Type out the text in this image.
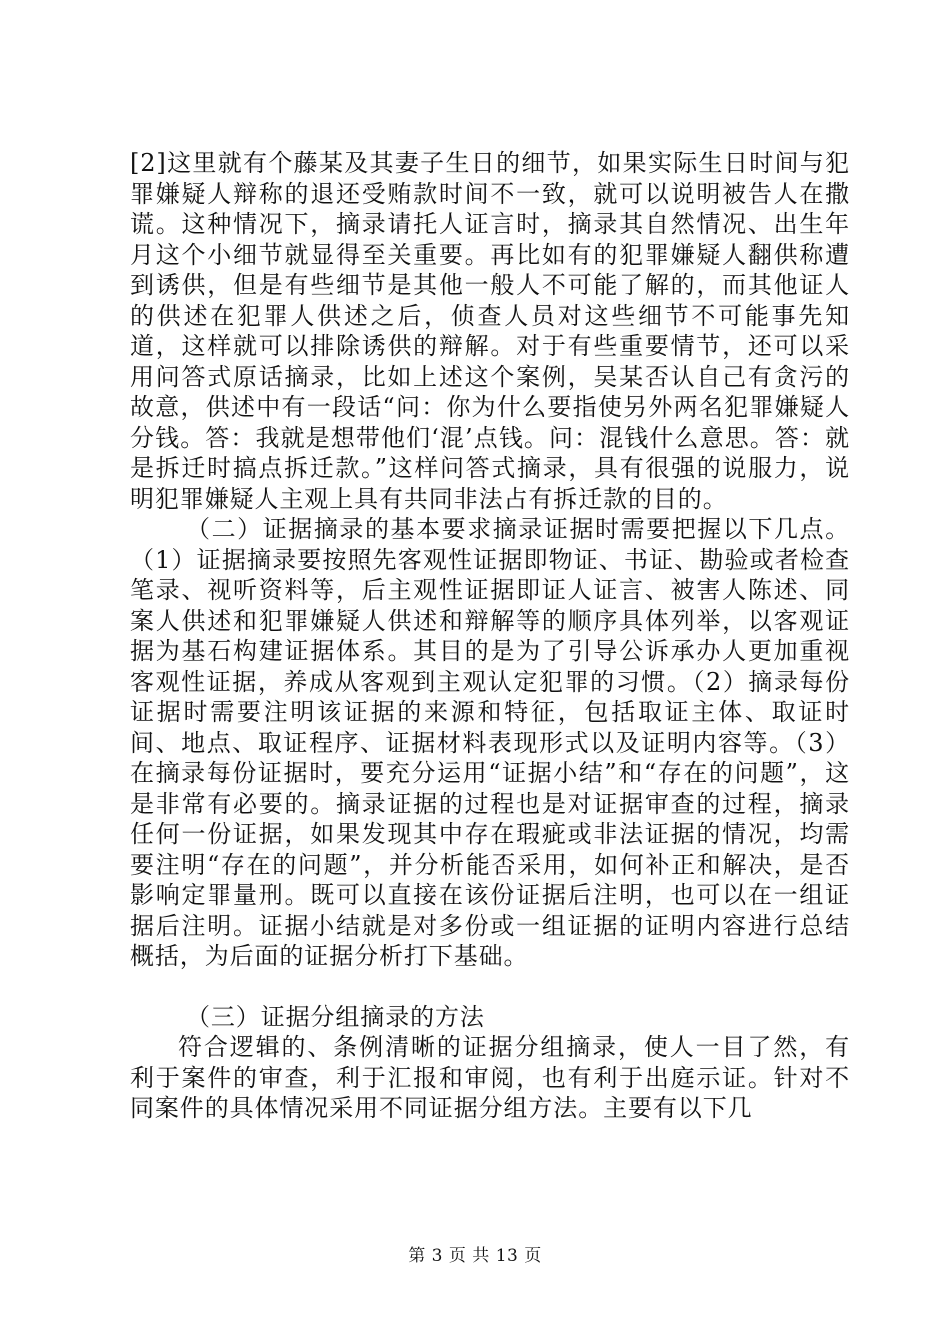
[2]这里就有个藤某及其妻子生日的细节，如果实际生日时间与犯罪嫌疑人辩称的退还受贿款时间不一致，就可以说明被告人在撒谎。这种情况下，摘录请托人证言时，摘录其自然情况、出生年月这个小细节就显得至关重要。再比如有的犯罪嫌疑人翻供称遭到诱供，但是有些细节是其他一般人不可能了解的，而其他证人的供述在犯罪人供述之后，侦查人员对这些细节不可能事先知道，这样就可以排除诱供的辩解。对于有些重要情节，还可以采用问答式原话摘录，比如上述这个案例，吴某否认自己有贪污的故意，供述中有一段话“问：你为什么要指使另外两名犯罪嫌疑人分钱。答：我就是想带他们‘混’点钱。问：混钱什么意思。答：就是拆迁时搞点拆迁款。”这样问答式摘录，具有很强的说服力，说明犯罪嫌疑人主观上具有共同非法占有拆迁款的目的。

（二）证据摘录的基本要求摘录证据时需要把握以下几点。（1）证据摘录要按照先客观性证据即物证、书证、勘验或者检查笔录、视听资料等，后主观性证据即证人证言、被害人陈述、同案人供述和犯罪嫌疑人供述和辩解等的顺序具体列举，以客观证据为基石构建证据体系。其目的是为了引导公诉承办人更加重视客观性证据，养成从客观到主观认定犯罪的习惯。（2）摘录每份证据时需要注明该证据的来源和特征，包括取证主体、取证时间、地点、取证程序、证据材料表现形式以及证明内容等。（3）在摘录每份证据时，要充分运用“证据小结”和“存在的问题”，这是非常有必要的。摘录证据的过程也是对证据审查的过程，摘录任何一份证据，如果发现其中存在瑕疵或非法证据的情况，均需要注明“存在的问题”，并分析能否采用，如何补正和解决，是否影响定罪量刑。既可以直接在该份证据后注明，也可以在一组证据后注明。证据小结就是对多份或一组证据的证明内容进行总结概括，为后面的证据分析打下基础。

（三）证据分组摘录的方法

符合逻辑的、条例清晰的证据分组摘录，使人一目了然，有利于案件的审查，利于汇报和审阅，也有利于出庭示证。针对不同案件的具体情况采用不同证据分组方法。主要有以下几

第 3 页 共 13 页
